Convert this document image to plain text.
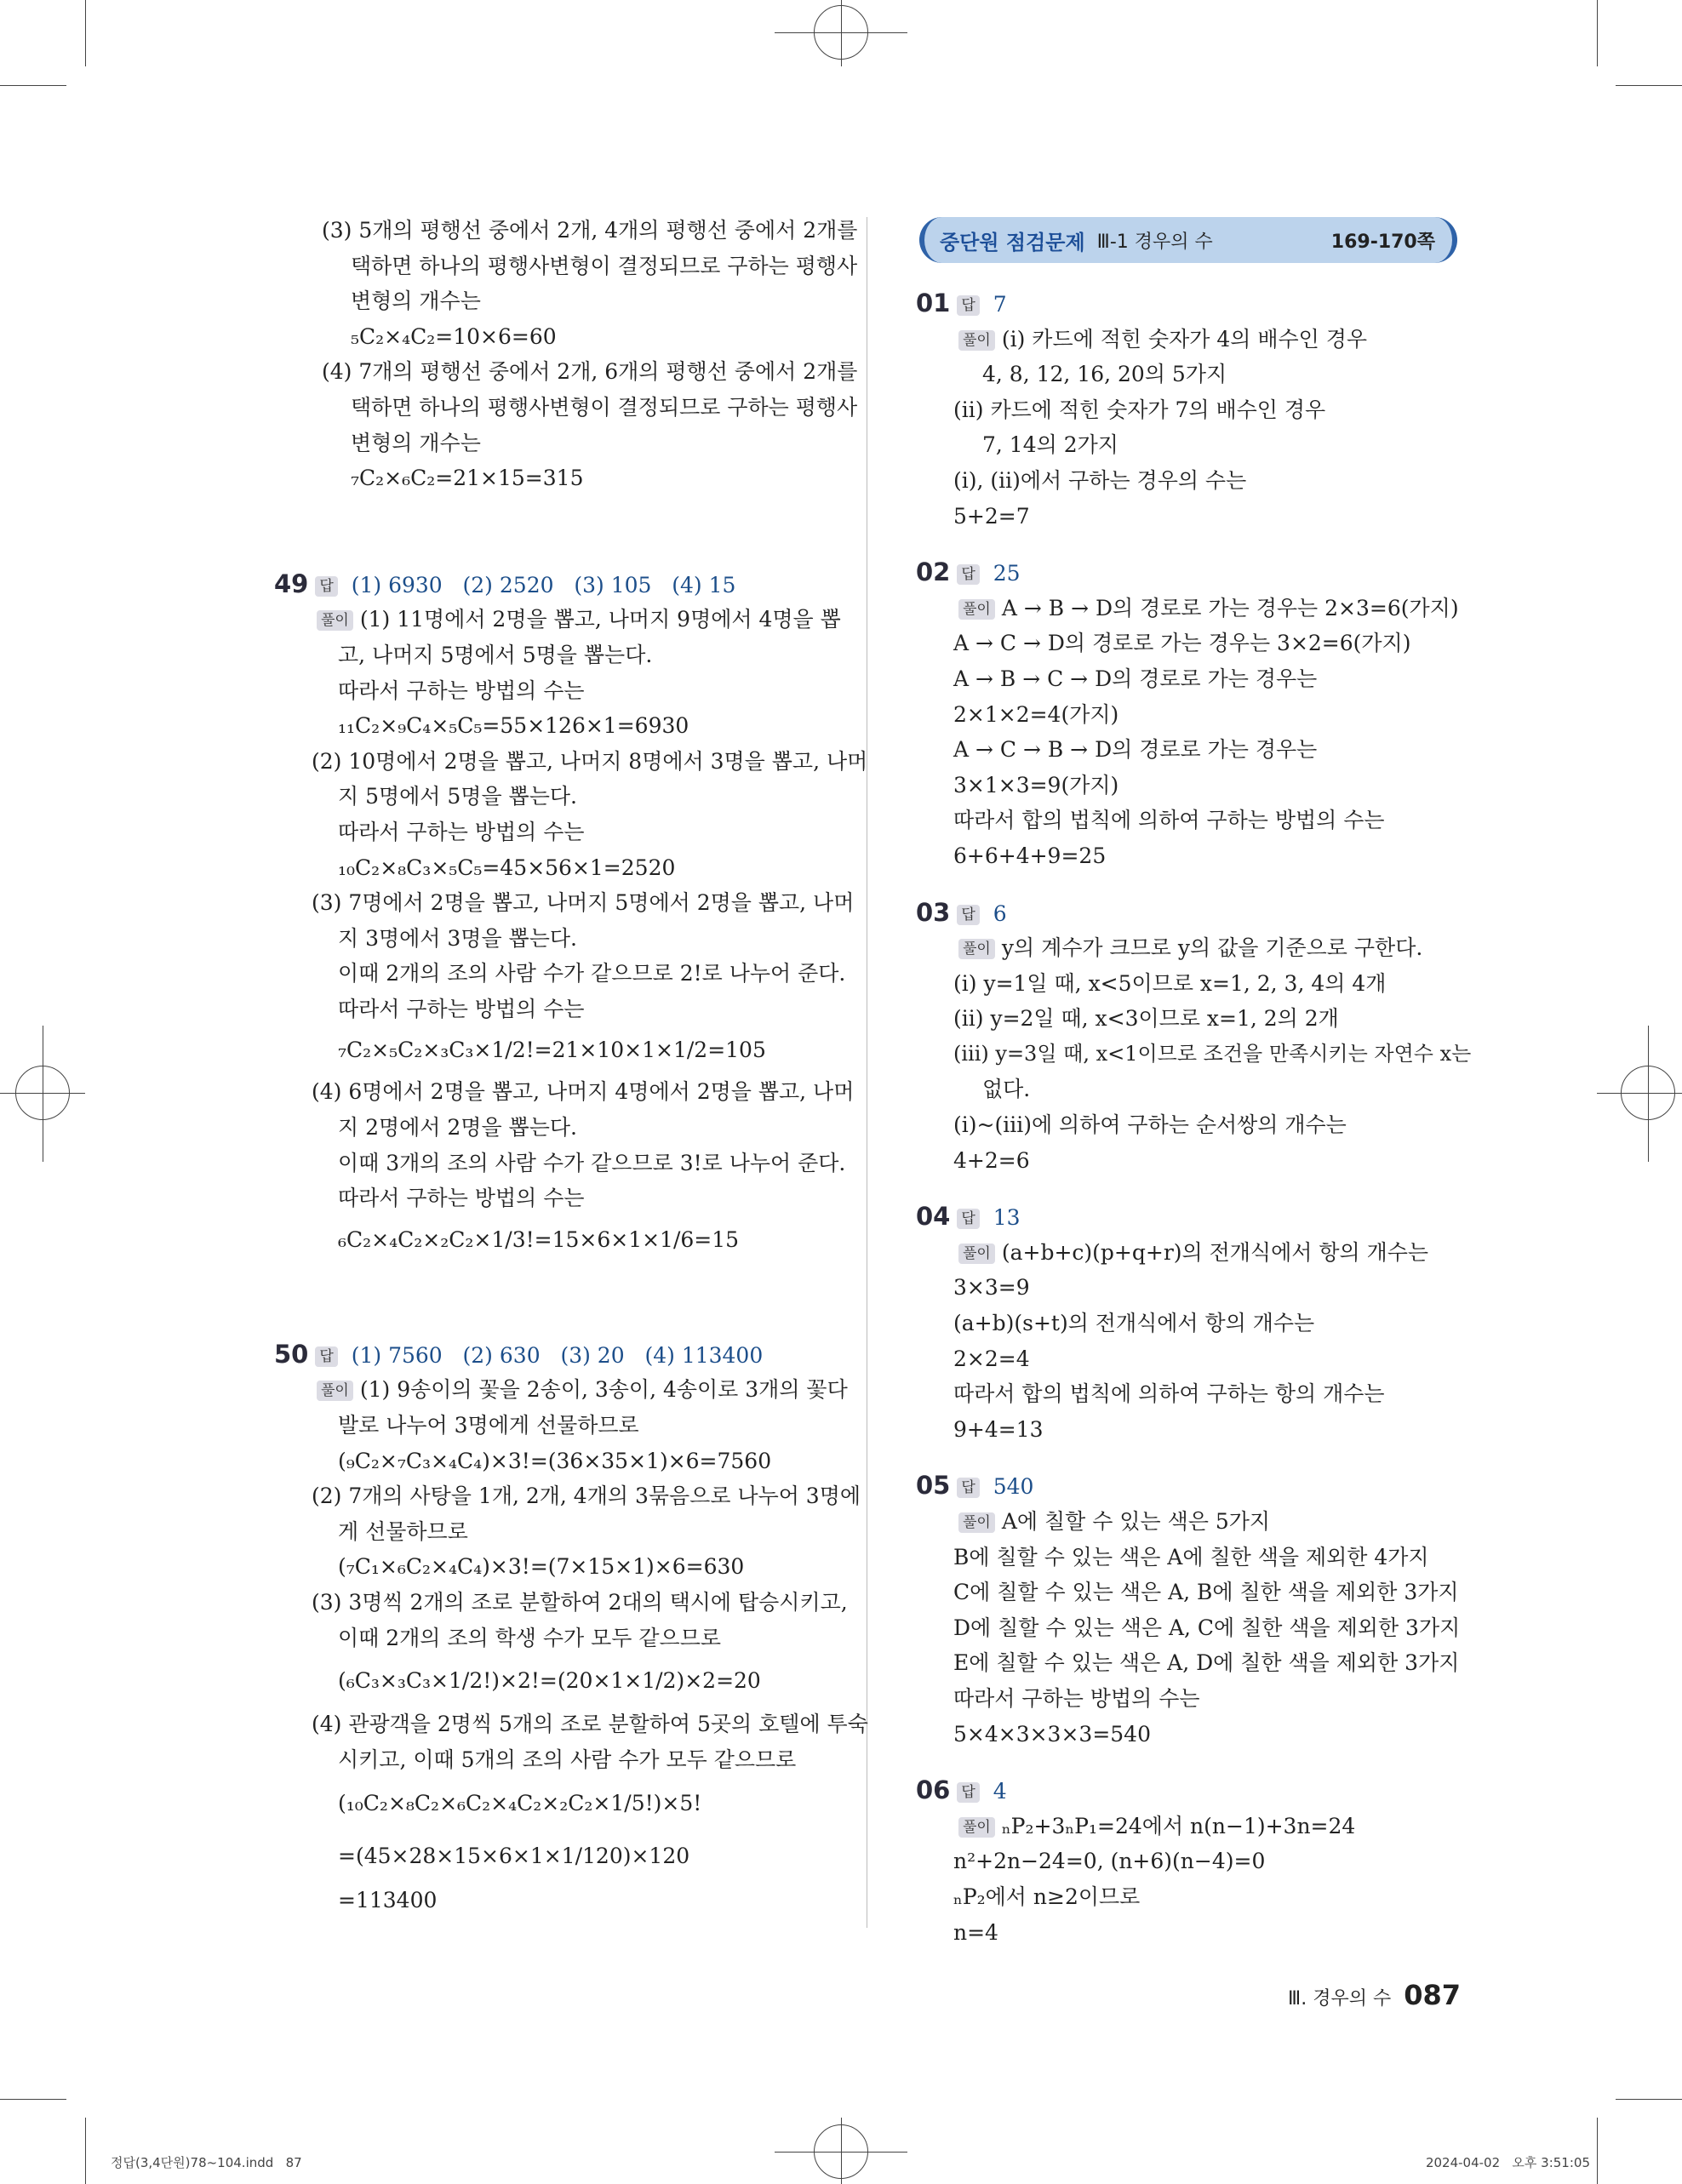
중단원 점검문제 Ⅲ-1 경우의 수	169-170쪽
(3) 5개의 평행선 중에서 2개, 4개의 평행선 중에서 2개를
택하면 하나의 평행사변형이 결정되므로 구하는 평행사
변형의 개수는
₅C₂×₄C₂=10×6=60
(4) 7개의 평행선 중에서 2개, 6개의 평행선 중에서 2개를
택하면 하나의 평행사변형이 결정되므로 구하는 평행사
변형의 개수는
₇C₂×₆C₂=21×15=315
49 답 (1) 6930   (2) 2520   (3) 105   (4) 15
풀이 (1) 11명에서 2명을 뽑고, 나머지 9명에서 4명을 뽑
고, 나머지 5명에서 5명을 뽑는다.
따라서 구하는 방법의 수는
₁₁C₂×₉C₄×₅C₅=55×126×1=6930
(2) 10명에서 2명을 뽑고, 나머지 8명에서 3명을 뽑고, 나머
지 5명에서 5명을 뽑는다.
따라서 구하는 방법의 수는
₁₀C₂×₈C₃×₅C₅=45×56×1=2520
(3) 7명에서 2명을 뽑고, 나머지 5명에서 2명을 뽑고, 나머
지 3명에서 3명을 뽑는다.
이때 2개의 조의 사람 수가 같으므로 2!로 나누어 준다.
따라서 구하는 방법의 수는
₇C₂×₅C₂×₃C₃×1/2!=21×10×1×1/2=105
(4) 6명에서 2명을 뽑고, 나머지 4명에서 2명을 뽑고, 나머
지 2명에서 2명을 뽑는다.
이때 3개의 조의 사람 수가 같으므로 3!로 나누어 준다.
따라서 구하는 방법의 수는
₆C₂×₄C₂×₂C₂×1/3!=15×6×1×1/6=15
50 답 (1) 7560   (2) 630   (3) 20   (4) 113400
풀이 (1) 9송이의 꽃을 2송이, 3송이, 4송이로 3개의 꽃다
발로 나누어 3명에게 선물하므로
(₉C₂×₇C₃×₄C₄)×3!=(36×35×1)×6=7560
(2) 7개의 사탕을 1개, 2개, 4개의 3묶음으로 나누어 3명에
게 선물하므로
(₇C₁×₆C₂×₄C₄)×3!=(7×15×1)×6=630
(3) 3명씩 2개의 조로 분할하여 2대의 택시에 탑승시키고,
이때 2개의 조의 학생 수가 모두 같으므로
(₆C₃×₃C₃×1/2!)×2!=(20×1×1/2)×2=20
(4) 관광객을 2명씩 5개의 조로 분할하여 5곳의 호텔에 투숙
시키고, 이때 5개의 조의 사람 수가 모두 같으므로
(₁₀C₂×₈C₂×₆C₂×₄C₂×₂C₂×1/5!)×5!
=(45×28×15×6×1×1/120)×120
=113400
01 답 7
풀이 (ⅰ) 카드에 적힌 숫자가 4의 배수인 경우
4, 8, 12, 16, 20의 5가지
(ⅱ) 카드에 적힌 숫자가 7의 배수인 경우
7, 14의 2가지
(ⅰ), (ⅱ)에서 구하는 경우의 수는
5+2=7
02 답 25
풀이 A → B → D의 경로로 가는 경우는 2×3=6(가지)
A → C → D의 경로로 가는 경우는 3×2=6(가지)
A → B → C → D의 경로로 가는 경우는
2×1×2=4(가지)
A → C → B → D의 경로로 가는 경우는
3×1×3=9(가지)
따라서 합의 법칙에 의하여 구하는 방법의 수는
6+6+4+9=25
03 답 6
풀이 y의 계수가 크므로 y의 값을 기준으로 구한다.
(ⅰ) y=1일 때, x<5이므로 x=1, 2, 3, 4의 4개
(ⅱ) y=2일 때, x<3이므로 x=1, 2의 2개
(ⅲ) y=3일 때, x<1이므로 조건을 만족시키는 자연수 x는
없다.
(ⅰ)~(ⅲ)에 의하여 구하는 순서쌍의 개수는
4+2=6
04 답 13
풀이 (a+b+c)(p+q+r)의 전개식에서 항의 개수는
3×3=9
(a+b)(s+t)의 전개식에서 항의 개수는
2×2=4
따라서 합의 법칙에 의하여 구하는 항의 개수는
9+4=13
05 답 540
풀이 A에 칠할 수 있는 색은 5가지
B에 칠할 수 있는 색은 A에 칠한 색을 제외한 4가지
C에 칠할 수 있는 색은 A, B에 칠한 색을 제외한 3가지
D에 칠할 수 있는 색은 A, C에 칠한 색을 제외한 3가지
E에 칠할 수 있는 색은 A, D에 칠한 색을 제외한 3가지
따라서 구하는 방법의 수는
5×4×3×3×3=540
06 답 4
풀이 ₙP₂+3ₙP₁=24에서 n(n−1)+3n=24
n²+2n−24=0, (n+6)(n−4)=0
ₙP₂에서 n≥2이므로
n=4
Ⅲ. 경우의 수 087
정답(3,4단원)78~104.indd   87	2024-04-02   오후 3:51:05
